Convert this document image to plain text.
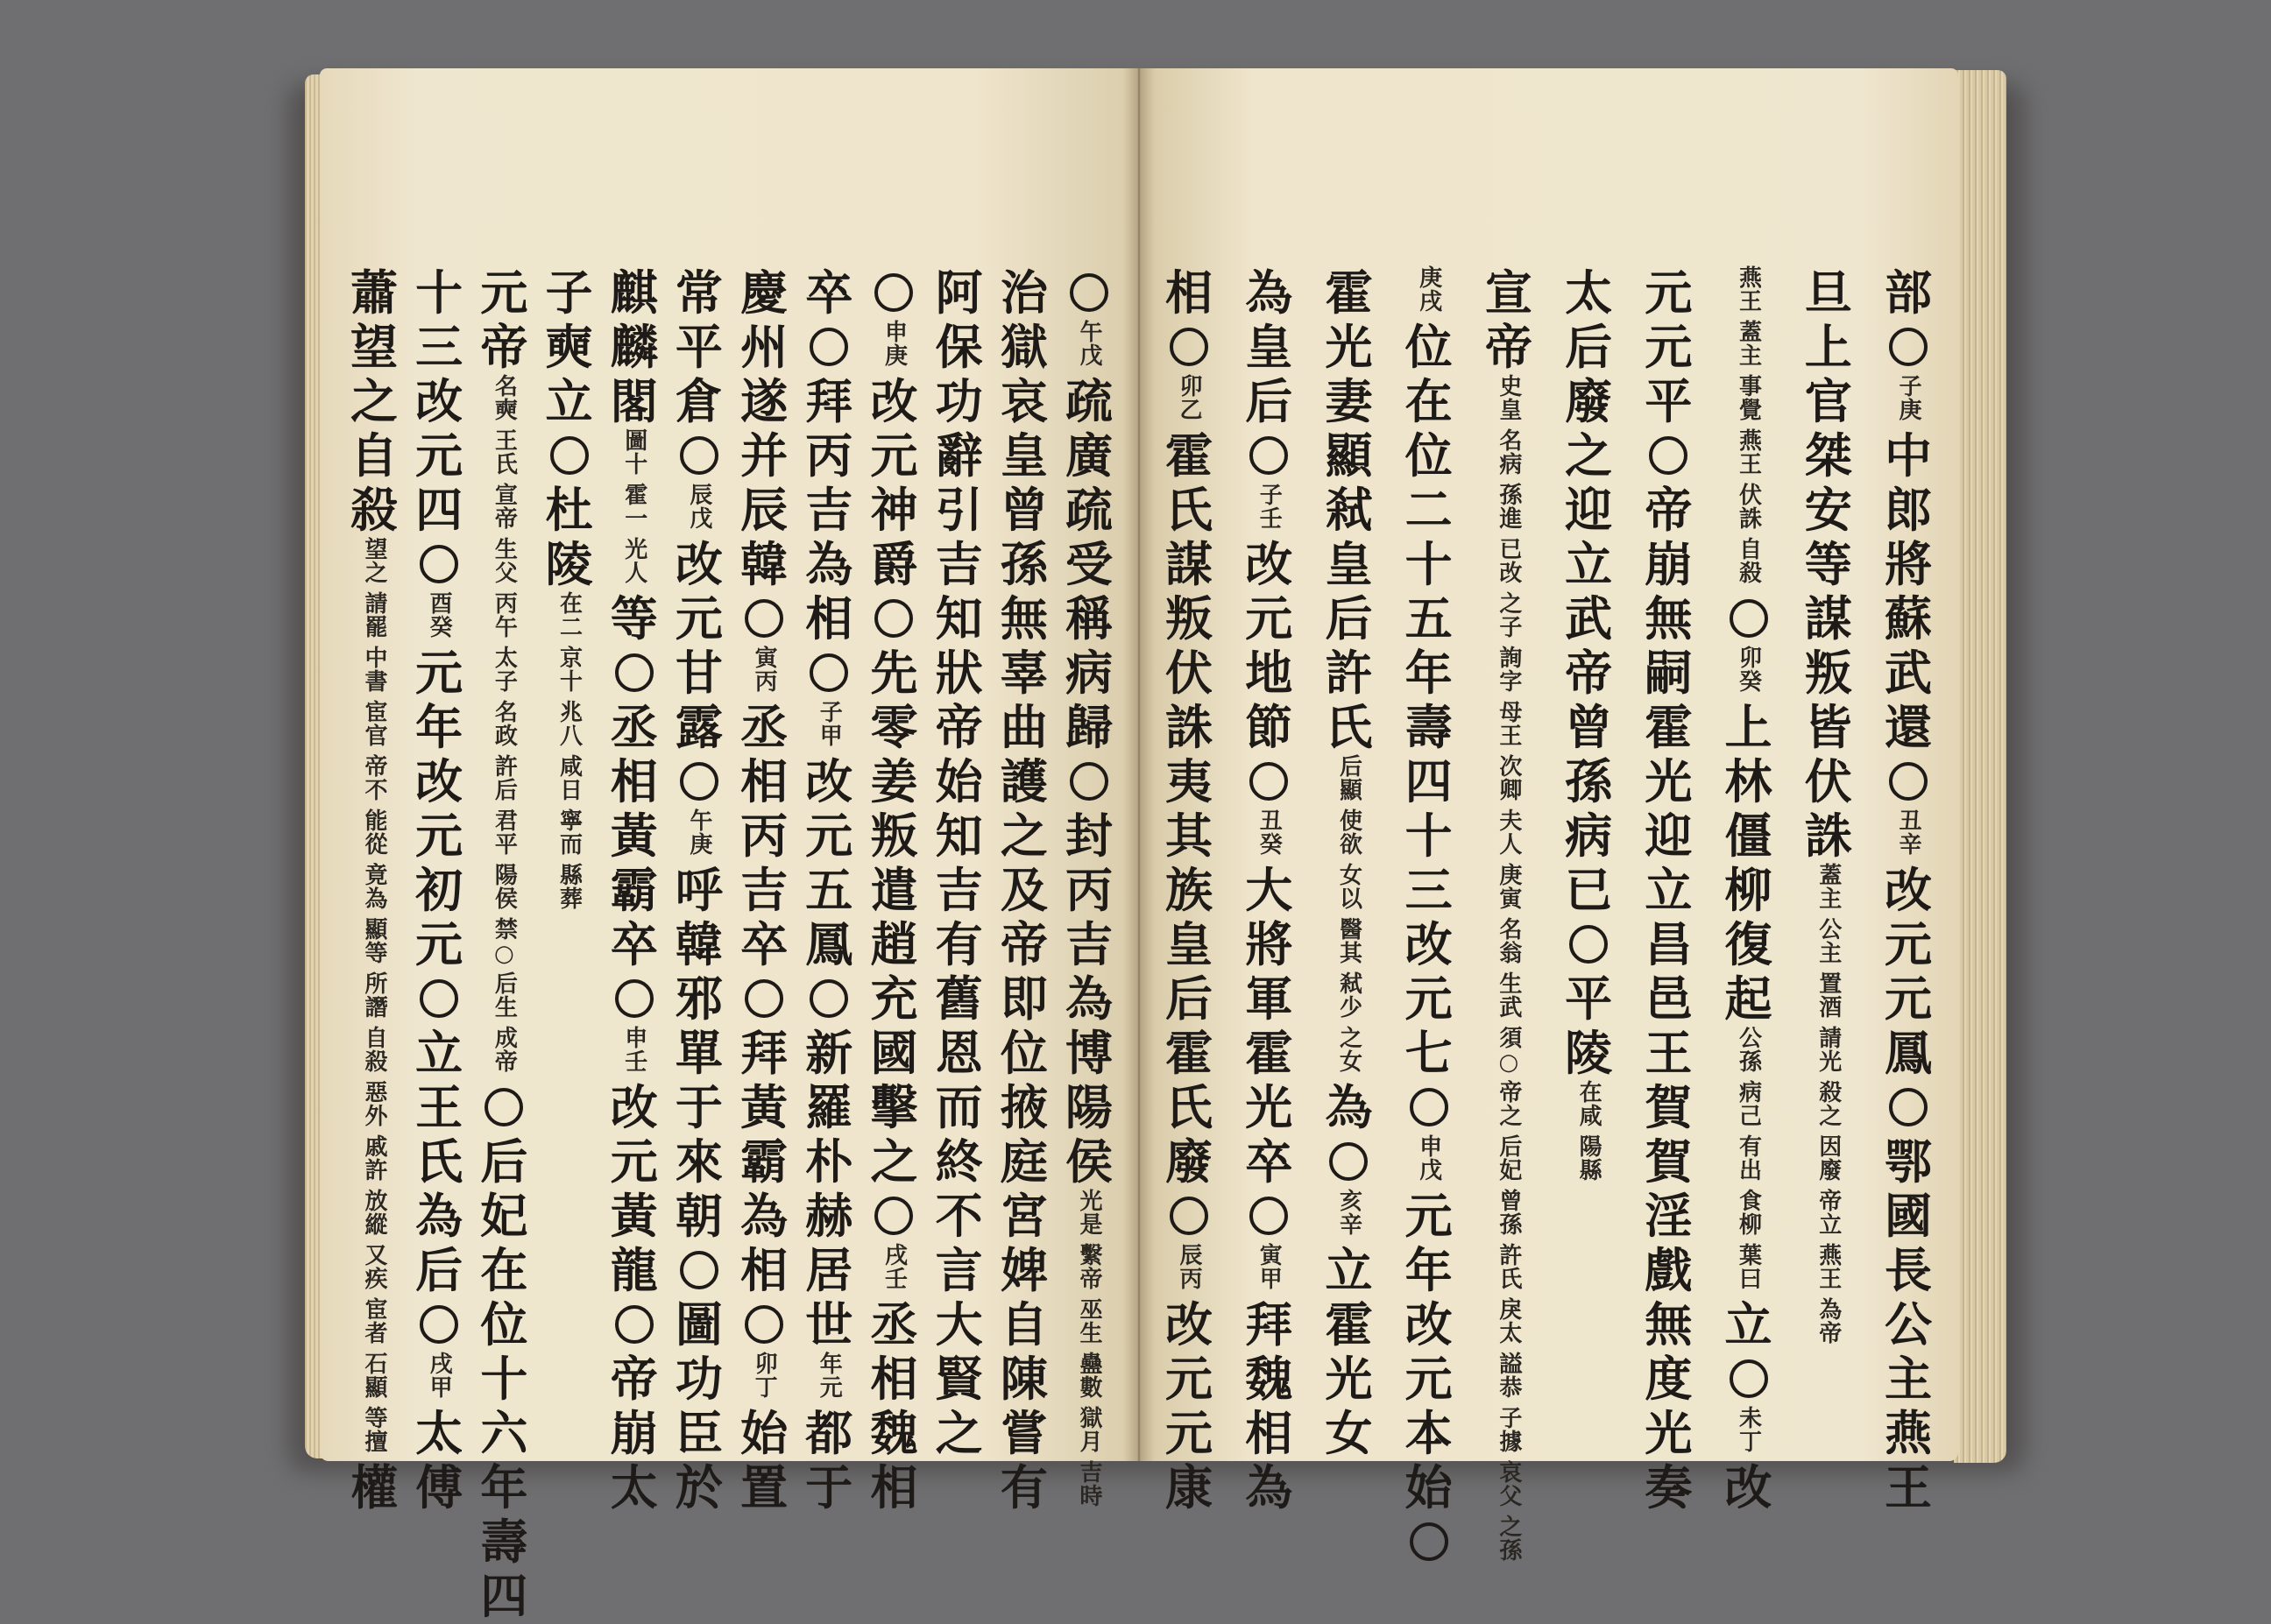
午戊
疏
廣
疏
受
稱
病
歸
封
丙
吉
為
博
陽
侯
光是
繫帝
巫生
蠱數
獄月
吉時
治
獄
哀
皇
曾
孫
無
辜
曲
護
之
及
帝
即
位
掖
庭
宮
婢
自
陳
嘗
有
阿
保
功
辭
引
吉
知
狀
帝
始
知
吉
有
舊
恩
而
終
不
言
大
賢
之
申庚
改
元
神
爵
先
零
姜
叛
遣
趙
充
國
擊
之
戌壬
丞
相
魏
相
卒
拜
丙
吉
為
相
子甲
改
元
五
鳳
新
羅
朴
赫
居
世
年元
都
于
慶
州
遂
并
辰
韓
寅丙
丞
相
丙
吉
卒
拜
黃
霸
為
相
卯丁
始
置
常
平
倉
辰戊
改
元
甘
露
午庚
呼
韓
邪
單
于
來
朝
圖
功
臣
於
麒
麟
閣
圖十
霍一
光人
等
丞
相
黃
霸
卒
申壬
改
元
黃
龍
帝
崩
太
子
奭
立
杜
陵
在二
京十
兆八
咸日
寧而
縣葬
元
帝
名奭
王氏
宣帝
生父
丙午
太子
名政
許后
君平
陽侯
禁○
后生
成帝
后
妃
在
位
十
六
年
壽
四
十
三
改
元
四
酉癸
元
年
改
元
初
元
立
王
氏
為
后
戌甲
太
傅
蕭
望
之
自
殺
望之
請罷
中書
宦官
帝不
能從
竟為
顯等
所譖
自殺
惡外
戚許
放縱
又疾
宦者
石顯
等擅
權
部
子庚
中
郎
將
蘇
武
還
丑辛
改
元
元
鳳
鄂
國
長
公
主
燕
王
旦
上
官
桀
安
等
謀
叛
皆
伏
誅
蓋主
公主
置酒
請光
殺之
因廢
帝立
燕王
為帝
燕王
蓋主
事覺
燕王
伏誅
自殺
卯癸
上
林
僵
柳
復
起
公孫
病己
有出
食柳
葉曰
立
未丁
改
元
元
平
帝
崩
無
嗣
霍
光
迎
立
昌
邑
王
賀
賀
淫
戲
無
度
光
奏
太
后
廢
之
迎
立
武
帝
曾
孫
病
已
平
陵
在咸
陽縣
宣
帝
史皇
名病
孫進
已改
之子
詢字
母王
次卿
夫人
庚寅
名翁
生武
須○
帝之
后妃
曾孫
許氏
戾太
謚恭
子據
哀父
之孫
庚戌
位
在
位
二
十
五
年
壽
四
十
三
改
元
七
申戊
元
年
改
元
本
始
霍
光
妻
顯
弒
皇
后
許
氏
后顯
使欲
女以
醫其
弒少
之女
為
亥辛
立
霍
光
女
為
皇
后
子壬
改
元
地
節
丑癸
大
將
軍
霍
光
卒
寅甲
拜
魏
相
為
相
卯乙
霍
氏
謀
叛
伏
誅
夷
其
族
皇
后
霍
氏
廢
辰丙
改
元
元
康
